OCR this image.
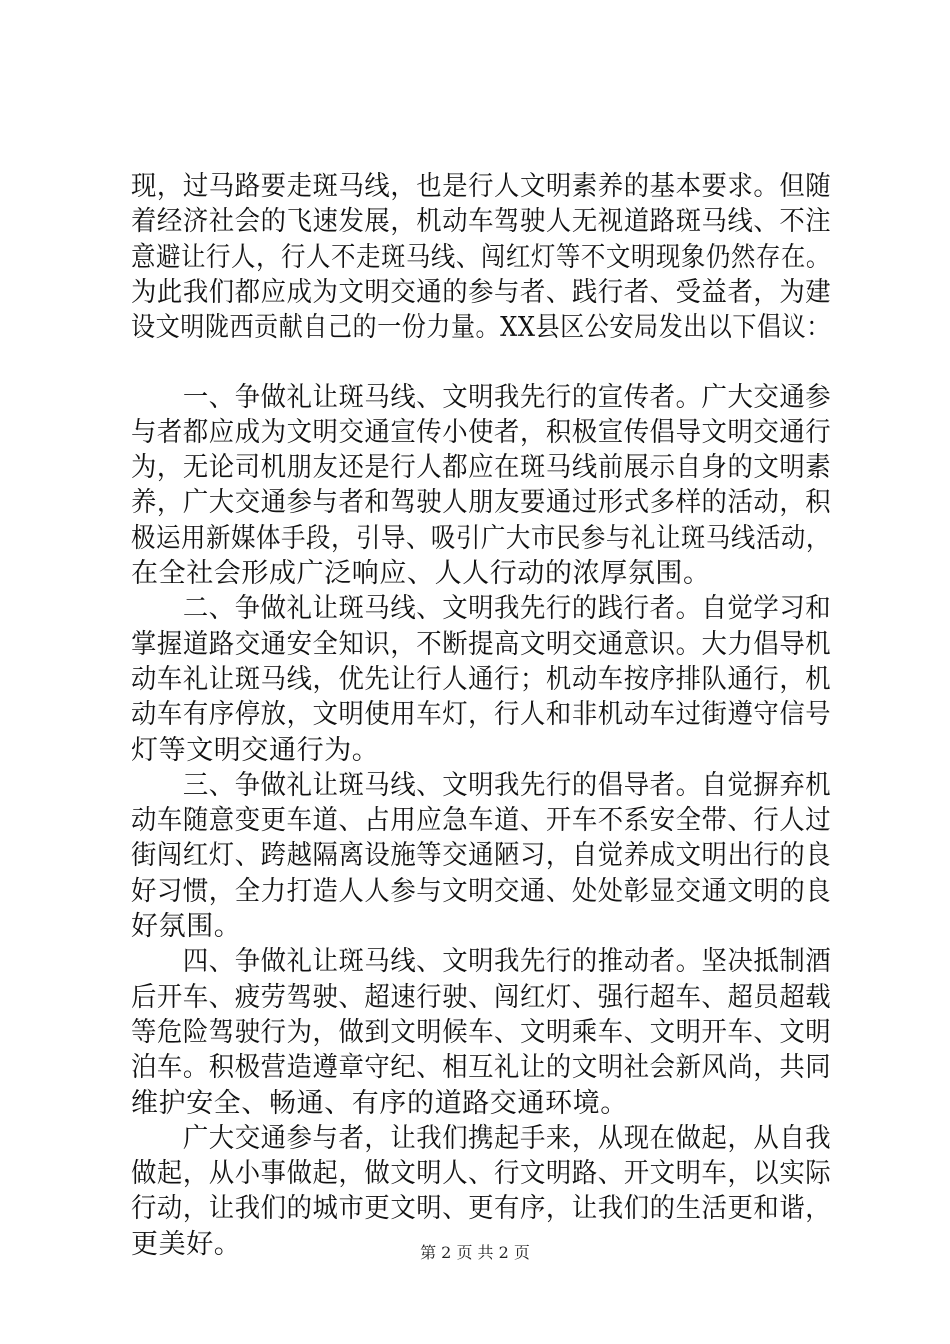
现，过马路要走斑马线，也是行人文明素养的基本要求。但随
着经济社会的飞速发展，机动车驾驶人无视道路斑马线、不注
意避让行人，行人不走斑马线、闯红灯等不文明现象仍然存在。
为此我们都应成为文明交通的参与者、践行者、受益者，为建
设文明陇西贡献自己的一份力量。XX县区公安局发出以下倡议：
　　一、争做礼让斑马线、文明我先行的宣传者。广大交通参
与者都应成为文明交通宣传小使者，积极宣传倡导文明交通行
为，无论司机朋友还是行人都应在斑马线前展示自身的文明素
养，广大交通参与者和驾驶人朋友要通过形式多样的活动，积
极运用新媒体手段，引导、吸引广大市民参与礼让斑马线活动，
在全社会形成广泛响应、人人行动的浓厚氛围。
　　二、争做礼让斑马线、文明我先行的践行者。自觉学习和
掌握道路交通安全知识，不断提高文明交通意识。大力倡导机
动车礼让斑马线，优先让行人通行；机动车按序排队通行，机
动车有序停放，文明使用车灯，行人和非机动车过街遵守信号
灯等文明交通行为。
　　三、争做礼让斑马线、文明我先行的倡导者。自觉摒弃机
动车随意变更车道、占用应急车道、开车不系安全带、行人过
街闯红灯、跨越隔离设施等交通陋习，自觉养成文明出行的良
好习惯，全力打造人人参与文明交通、处处彰显交通文明的良
好氛围。
　　四、争做礼让斑马线、文明我先行的推动者。坚决抵制酒
后开车、疲劳驾驶、超速行驶、闯红灯、强行超车、超员超载
等危险驾驶行为，做到文明候车、文明乘车、文明开车、文明
泊车。积极营造遵章守纪、相互礼让的文明社会新风尚，共同
维护安全、畅通、有序的道路交通环境。
　　广大交通参与者，让我们携起手来，从现在做起，从自我
做起，从小事做起，做文明人、行文明路、开文明车，以实际
行动，让我们的城市更文明、更有序，让我们的生活更和谐，
更美好。	第 2 页 共 2 页
